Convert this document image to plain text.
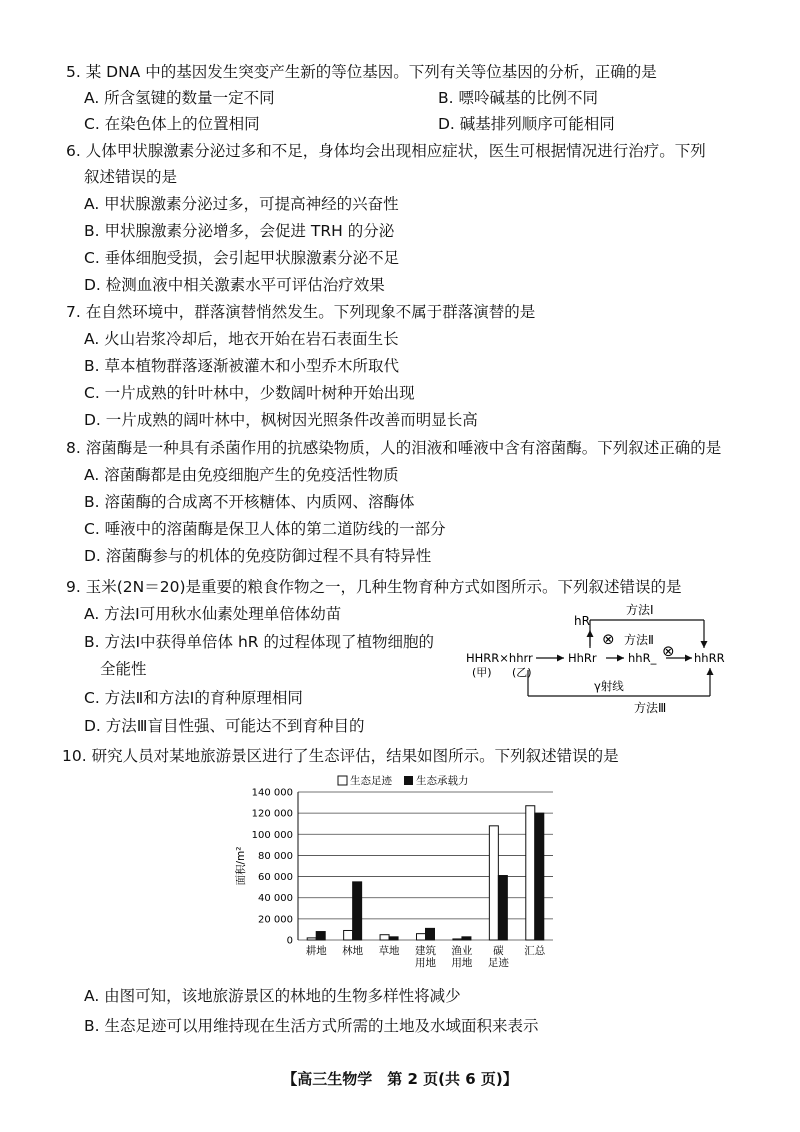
5. 某 DNA 中的基因发生突变产生新的等位基因。下列有关等位基因的分析，正确的是
A. 所含氢键的数量一定不同	B. 嘌呤碱基的比例不同
C. 在染色体上的位置相同	D. 碱基排列顺序可能相同
6. 人体甲状腺激素分泌过多和不足，身体均会出现相应症状，医生可根据情况进行治疗。下列
叙述错误的是
A. 甲状腺激素分泌过多，可提高神经的兴奋性
B. 甲状腺激素分泌增多，会促进 TRH 的分泌
C. 垂体细胞受损，会引起甲状腺激素分泌不足
D. 检测血液中相关激素水平可评估治疗效果
7. 在自然环境中，群落演替悄然发生。下列现象不属于群落演替的是
A. 火山岩浆冷却后，地衣开始在岩石表面生长
B. 草本植物群落逐渐被灌木和小型乔木所取代
C. 一片成熟的针叶林中，少数阔叶树种开始出现
D. 一片成熟的阔叶林中，枫树因光照条件改善而明显长高
8. 溶菌酶是一种具有杀菌作用的抗感染物质，人的泪液和唾液中含有溶菌酶。下列叙述正确的是
A. 溶菌酶都是由免疫细胞产生的免疫活性物质
B. 溶菌酶的合成离不开核糖体、内质网、溶酶体
C. 唾液中的溶菌酶是保卫人体的第二道防线的一部分
D. 溶菌酶参与的机体的免疫防御过程不具有特异性
9. 玉米(2N＝20)是重要的粮食作物之一，几种生物育种方式如图所示。下列叙述错误的是
A. 方法Ⅰ可用秋水仙素处理单倍体幼苗
B. 方法Ⅰ中获得单倍体 hR 的过程体现了植物细胞的
全能性
C. 方法Ⅱ和方法Ⅰ的育种原理相同
D. 方法Ⅲ盲目性强、可能达不到育种目的
方法Ⅰ
hR
⊗ 方法Ⅱ
⊗
HHRR×hhrr	HhRr	hhR_	hhRR
(甲) (乙)
γ射线
方法Ⅲ
10. 研究人员对某地旅游景区进行了生态评估，结果如图所示。下列叙述错误的是
生态足迹 生态承载力
0
20 000
40 000
60 000
80 000
100 000
120 000
140 000
面积/m²
耕地 林地 草地 建筑
用地
渔业
用地
碳
足迹
汇总
A. 由图可知，该地旅游景区的林地的生物多样性将减少
B. 生态足迹可以用维持现在生活方式所需的土地及水域面积来表示
【高三生物学　第 2 页(共 6 页)】
